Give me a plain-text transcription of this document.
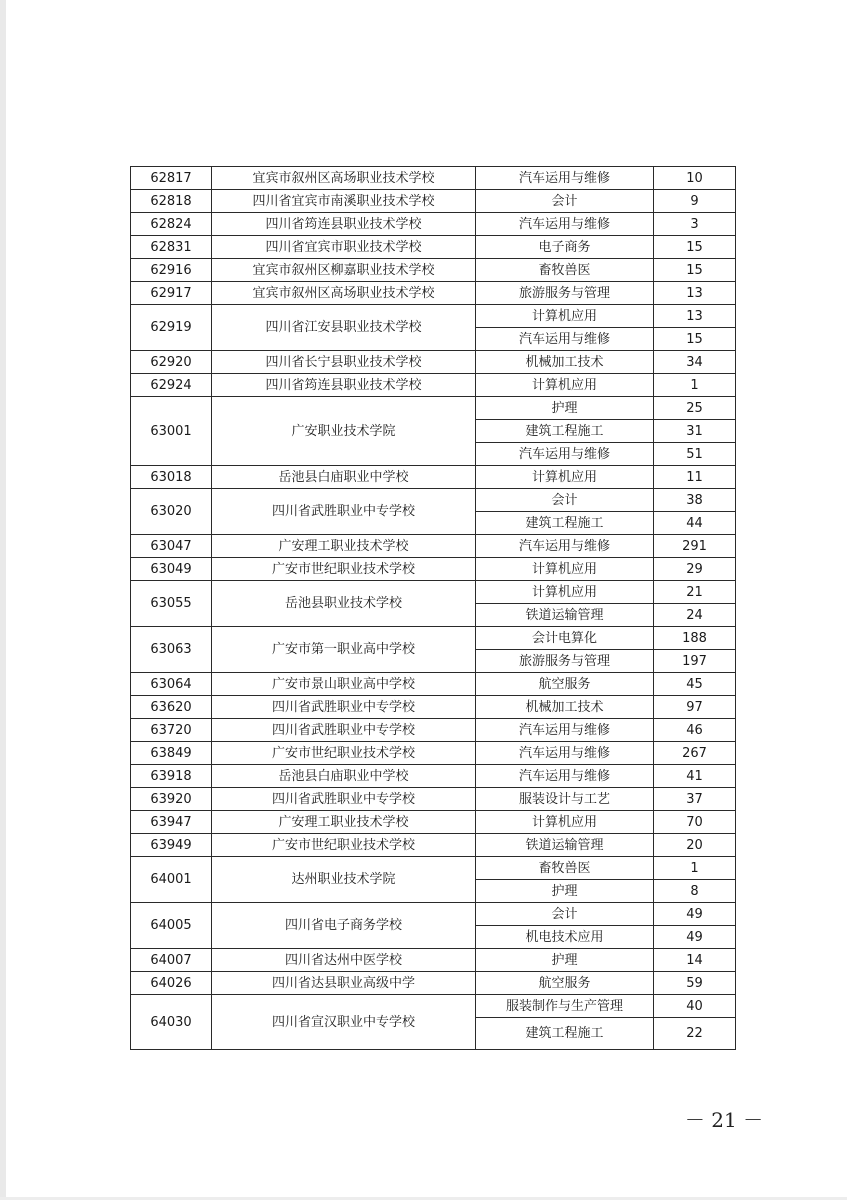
62817	宜宾市叙州区高场职业技术学校	汽车运用与维修	10
62818	四川省宜宾市南溪职业技术学校	会计	9
62824	四川省筠连县职业技术学校	汽车运用与维修	3
62831	四川省宜宾市职业技术学校	电子商务	15
62916	宜宾市叙州区柳嘉职业技术学校	畜牧兽医	15
62917	宜宾市叙州区高场职业技术学校	旅游服务与管理	13
62919	四川省江安县职业技术学校	计算机应用	13
		汽车运用与维修	15
62920	四川省长宁县职业技术学校	机械加工技术	34
62924	四川省筠连县职业技术学校	计算机应用	1
63001	广安职业技术学院	护理	25
		建筑工程施工	31
		汽车运用与维修	51
63018	岳池县白庙职业中学校	计算机应用	11
63020	四川省武胜职业中专学校	会计	38
		建筑工程施工	44
63047	广安理工职业技术学校	汽车运用与维修	291
63049	广安市世纪职业技术学校	计算机应用	29
63055	岳池县职业技术学校	计算机应用	21
		铁道运输管理	24
63063	广安市第一职业高中学校	会计电算化	188
		旅游服务与管理	197
63064	广安市景山职业高中学校	航空服务	45
63620	四川省武胜职业中专学校	机械加工技术	97
63720	四川省武胜职业中专学校	汽车运用与维修	46
63849	广安市世纪职业技术学校	汽车运用与维修	267
63918	岳池县白庙职业中学校	汽车运用与维修	41
63920	四川省武胜职业中专学校	服装设计与工艺	37
63947	广安理工职业技术学校	计算机应用	70
63949	广安市世纪职业技术学校	铁道运输管理	20
64001	达州职业技术学院	畜牧兽医	1
		护理	8
64005	四川省电子商务学校	会计	49
		机电技术应用	49
64007	四川省达州中医学校	护理	14
64026	四川省达县职业高级中学	航空服务	59
64030	四川省宣汉职业中专学校	服装制作与生产管理	40
		建筑工程施工	22
－ 21 －
